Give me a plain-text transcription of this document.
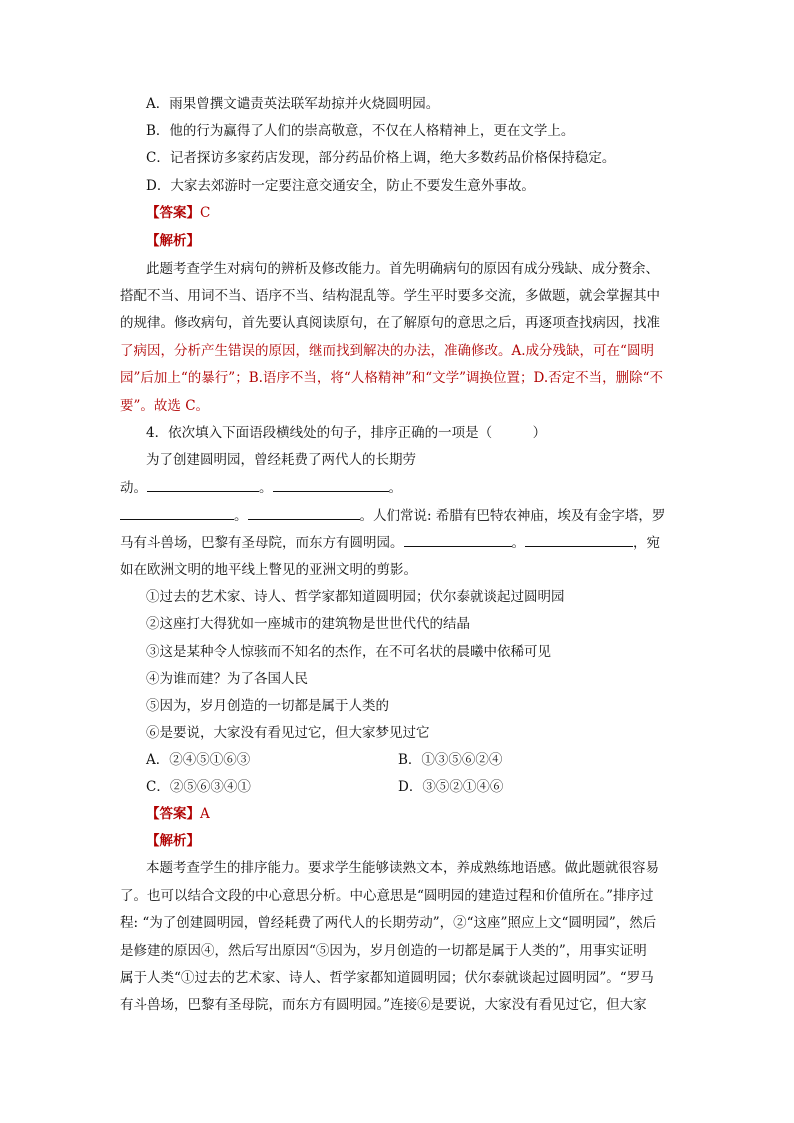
A．雨果曾撰文谴责英法联军劫掠并火烧圆明园。
B．他的行为赢得了人们的崇高敬意，不仅在人格精神上，更在文学上。
C．记者探访多家药店发现，部分药品价格上调，绝大多数药品价格保持稳定。
D．大家去郊游时一定要注意交通安全，防止不要发生意外事故。
【答案】C
【解析】
此题考查学生对病句的辨析及修改能力。首先明确病句的原因有成分残缺、成分赘余、
搭配不当、用词不当、语序不当、结构混乱等。学生平时要多交流，多做题，就会掌握其中
的规律。修改病句，首先要认真阅读原句，在了解原句的意思之后，再逐项查找病因，找准
了病因，分析产生错误的原因，继而找到解决的办法，准确修改。A.成分残缺，可在“圆明
园”后加上“的暴行”；B.语序不当，将“人格精神”和“文学”调换位置；D.否定不当，删除“不
要”。故选 C。
4．依次填入下面语段横线处的句子，排序正确的一项是（　　　）
为了创建圆明园，曾经耗费了两代人的长期劳
动。	。	。
。	。人们常说: 希腊有巴特农神庙，埃及有金字塔，罗
马有斗兽场，巴黎有圣母院，而东方有圆明园。	。	，宛
如在欧洲文明的地平线上瞥见的亚洲文明的剪影。
①过去的艺术家、诗人、哲学家都知道圆明园；伏尔泰就谈起过圆明园
②这座打大得犹如一座城市的建筑物是世世代代的结晶
③这是某种令人惊骇而不知名的杰作，在不可名状的晨曦中依稀可见
④为谁而建？为了各国人民
⑤因为，岁月创造的一切都是属于人类的
⑥是要说，大家没有看见过它，但大家梦见过它
A．②④⑤①⑥③	B．①③⑤⑥②④
C．②⑤⑥③④①	D．③⑤②①④⑥
【答案】A
【解析】
本题考查学生的排序能力。要求学生能够读熟文本，养成熟练地语感。做此题就很容易
了。也可以结合文段的中心意思分析。中心意思是“圆明园的建造过程和价值所在。”排序过
程: “为了创建圆明园，曾经耗费了两代人的长期劳动”，②“这座”照应上文“圆明园”，然后
是修建的原因④，然后写出原因“⑤因为，岁月创造的一切都是属于人类的”，用事实证明
属于人类“①过去的艺术家、诗人、哲学家都知道圆明园；伏尔泰就谈起过圆明园”。“罗马
有斗兽场，巴黎有圣母院，而东方有圆明园。”连接⑥是要说，大家没有看见过它，但大家
